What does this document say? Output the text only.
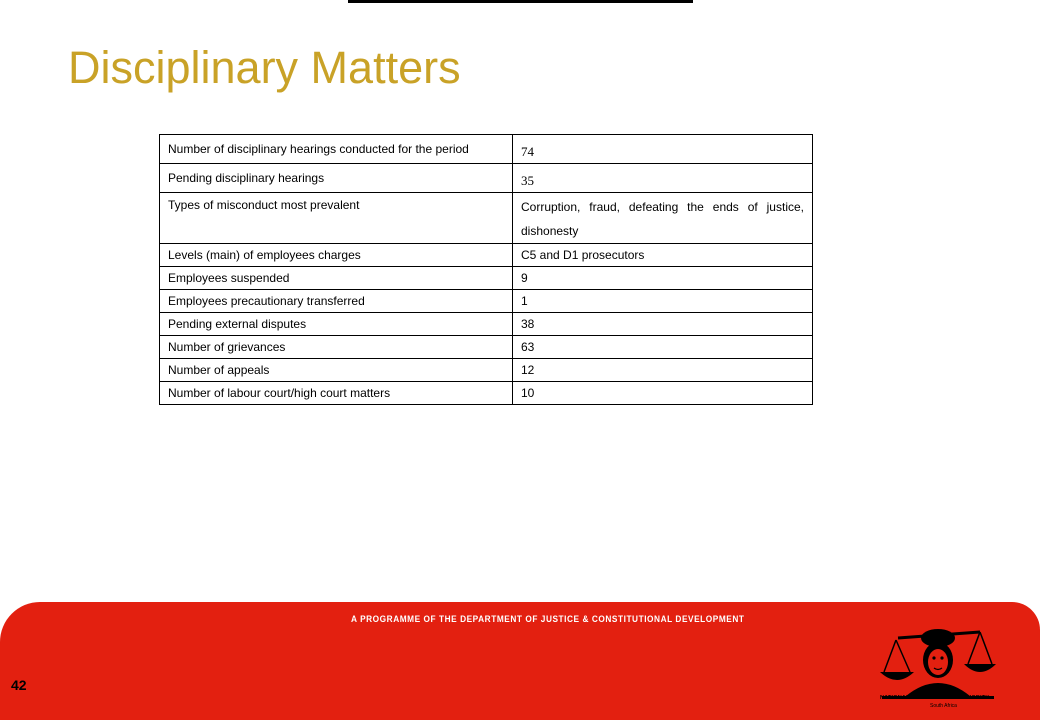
Disciplinary Matters
Number of disciplinary hearings conducted for the period	74
Pending disciplinary hearings	35
Types of misconduct most prevalent	Corruption, fraud, defeating the ends of justice, dishonesty
Levels (main) of employees charges	C5 and D1 prosecutors
Employees suspended	9
Employees precautionary transferred	1
Pending external disputes	38
Number of grievances	63
Number of appeals	12
Number of labour court/high court matters	10
A PROGRAMME OF THE DEPARTMENT OF JUSTICE & CONSTITUTIONAL DEVELOPMENT
42
NATIONAL PROSECUTING AUTHORITY
South Africa
